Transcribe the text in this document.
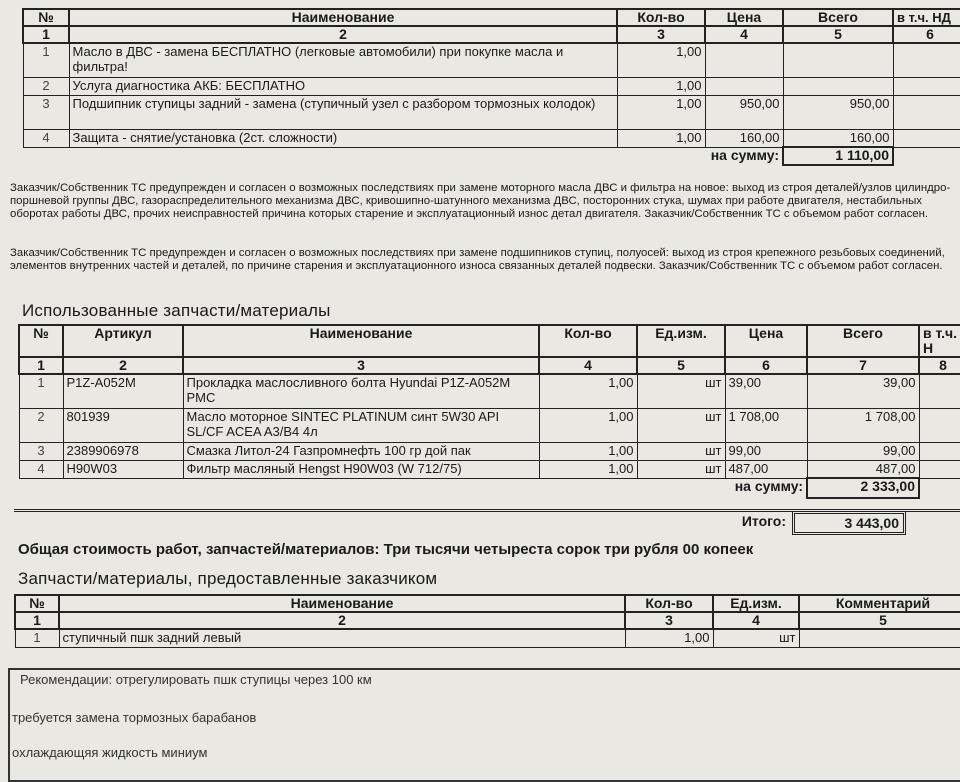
№	Наименование	Кол-во	Цена	Всего	в т.ч. НД
1	2	3	4	5	6
1	Масло в ДВС - замена БЕСПЛАТНО (легковые автомобили) при покупке масла и фильтра!	1,00			
2	Услуга диагностика АКБ: БЕСПЛАТНО	1,00			
3	Подшипник ступицы задний - замена (ступичный узел с разбором тормозных колодок)	1,00	950,00	950,00	
4	Защита - снятие/установка (2ст. сложности)	1,00	160,00	160,00	
		на сумму:		1 110,00	
Заказчик/Собственник ТС предупрежден и согласен о возможных последствиях при замене моторного масла ДВС и фильтра на новое: выход из строя деталей/узлов цилиндро-поршневой группы ДВС, газораспределительного механизма ДВС, кривошипно-шатунного механизма ДВС, посторонних стука, шумах при работе двигателя, нестабильных оборотах работы ДВС, прочих неисправностей причина которых старение и эксплуатационный износ детал двигателя. Заказчик/Собственник ТС с объемом работ согласен.
Заказчик/Собственник ТС предупрежден и согласен о возможных последствиях при замене подшипников ступиц, полуосей: выход из строя крепежного резьбовых соединений, элементов внутренних частей и деталей, по причине старения и эксплуатационного износа связанных деталей подвески. Заказчик/Собственник ТС с объемом работ согласен.
Использованные запчасти/материалы
№	Артикул	Наименование	Кол-во	Ед.изм.	Цена	Всего	в т.ч. Н
1	2	3	4	5	6	7	8
1	P1Z-A052M	Прокладка маслосливного болта Hyundai P1Z-A052M PMC	1,00	шт	39,00	39,00	
2	801939	Масло моторное SINTEC PLATINUM синт 5W30 API SL/CF ACEA A3/B4 4л	1,00	шт	1 708,00	1 708,00	
3	2389906978	Смазка Литол-24 Газпромнефть 100 гр дой пак	1,00	шт	99,00	99,00	
4	H90W03	Фильтр масляный Hengst H90W03 (W 712/75)	1,00	шт	487,00	487,00	
				на сумму:		2 333,00	
Итого:	3 443,00
Общая стоимость работ, запчастей/материалов: Три тысячи четыреста сорок три рубля 00 копеек
Запчасти/материалы, предоставленные заказчиком
№	Наименование	Кол-во	Ед.изм.	Комментарий
1	2	3	4	5
1	ступичный пшк задний левый	1,00	шт	
Рекомендации: отрегулировать пшк ступицы через 100 км
требуется замена тормозных барабанов
охлаждающяя жидкость миниум
